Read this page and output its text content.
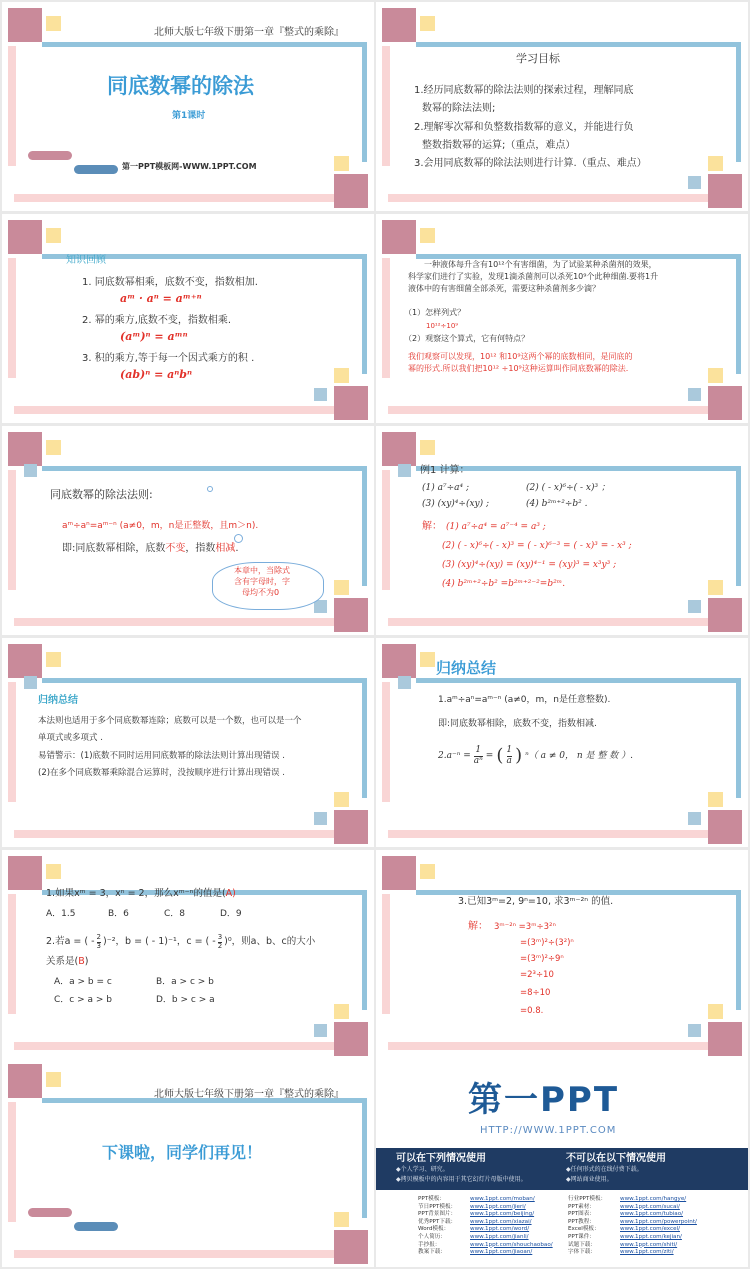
北师大版七年级下册第一章『整式的乘除』
同底数幂的除法
第1课时
第一PPT模板网-WWW.1PPT.COM
学习目标
1.经历同底数幂的除法法则的探索过程，理解同底
数幂的除法法则;
2.理解零次幂和负整数指数幂的意义，并能进行负
整数指数幂的运算;（重点，难点）
3.会用同底数幂的除法法则进行计算.（重点、难点）
知识回顾
1. 同底数幂相乘，底数不变，指数相加.
aᵐ · aⁿ = aᵐ⁺ⁿ
2. 幂的乘方,底数不变，指数相乘.
(aᵐ)ⁿ = aᵐⁿ
3. 积的乘方,等于每一个因式乘方的积 .
(ab)ⁿ = aⁿbⁿ
一种液体每升含有10¹²个有害细菌，为了试验某种杀菌剂的效果，
科学家们进行了实验，发现1滴杀菌剂可以杀死10⁹个此种细菌.要将1升
液体中的有害细菌全部杀死，需要这种杀菌剂多少滴？
（1）怎样列式？
10¹²÷10⁹
（2）观察这个算式，它有何特点？
我们观察可以发现，10¹² 和10⁹这两个幂的底数相同，是同底的
幂的形式.所以我们把10¹² ÷10⁹这种运算叫作同底数幂的除法.
同底数幂的除法法则:
aᵐ÷aⁿ=aᵐ⁻ⁿ (a≠0，m，n是正整数，且m＞n).
即:同底数幂相除，底数不变，指数相减.
本章中，当除式
含有字母时，字
母均不为0
例1 计算：
(1) a⁷÷a⁴ ;	(2) ( - x)⁶÷( - x)³ ；
(3) (xy)⁴÷(xy) ;	(4) b²ᵐ⁺²÷b² .
解： (1) a⁷÷a⁴ = a⁷⁻⁴ = a³ ;
(2) ( - x)⁶÷( - x)³ = ( - x)⁶⁻³ = ( - x)³ = - x³ ;
(3) (xy)⁴÷(xy) = (xy)⁴⁻¹ = (xy)³ = x³y³ ;
(4) b²ᵐ⁺²÷b² =b²ᵐ⁺²⁻²=b²ᵐ.
归纳总结
本法则也适用于多个同底数幂连除；底数可以是一个数，也可以是一个
单项式或多项式 .
易错警示：(1)底数不同时运用同底数幂的除法法则计算出现错误 .
(2)在多个同底数幂乘除混合运算时，没按顺序进行计算出现错误 .
归纳总结
1.aᵐ÷aⁿ=aᵐ⁻ⁿ (a≠0，m，n是任意整数).
即:同底数幂相除，底数不变，指数相减.
$2.a^{-n} = \frac{1}{\text{aⁿ}}$ = ( 1
a ) ⁿ（ a ≠ 0， n 是 整 数 ）.
1.如果xᵐ = 3，xⁿ = 2，那么xᵐ⁻ⁿ的值是(A)
A．1.5	B．6	C．8	D．9
2.若a = ( - 2
3 )⁻²，b = ( - 1)⁻¹，c = ( - 3
2 )⁰，则a、b、c的大小
关系是(B)
A．a > b = c	B．a > c > b
C．c > a > b	D．b > c > a
3.已知3ᵐ=2, 9ⁿ=10, 求3ᵐ⁻²ⁿ 的值.
解： 3ᵐ⁻²ⁿ =3ᵐ÷3²ⁿ
=(3ᵐ)²÷(3²)ⁿ
=(3ᵐ)²÷9ⁿ
=2³÷10
=8÷10
=0.8.
北师大版七年级下册第一章『整式的乘除』
下课啦，同学们再见！
第一PPT
HTTP://WWW.1PPT.COM
可以在下列情况使用
◆个人学习、研究。
◆拷贝模板中的内容用于其它幻灯片母版中使用。
不可以在以下情况使用
◆任何形式的在线付费下载。
◆网站商业使用。
PPT模板：	www.1ppt.com/moban/
节日PPT模板： www.1ppt.com/jieri/
PPT背景图片： www.1ppt.com/beijing/
优秀PPT下载： www.1ppt.com/xiazai/
Word模板：	www.1ppt.com/word/
个人简历：	www.1ppt.com/jianli/
手抄报：	www.1ppt.com/shouchaobao/
教案下载：	www.1ppt.com/jiaoan/
行业PPT模板： www.1ppt.com/hangye/
PPT素材：	www.1ppt.com/sucai/
PPT图表：	www.1ppt.com/tubiao/
PPT教程：	www.1ppt.com/powerpoint/
Excel模板：	www.1ppt.com/excel/
PPT课件：	www.1ppt.com/kejian/
试题下载：	www.1ppt.com/shiti/
字体下载：	www.1ppt.com/ziti/
